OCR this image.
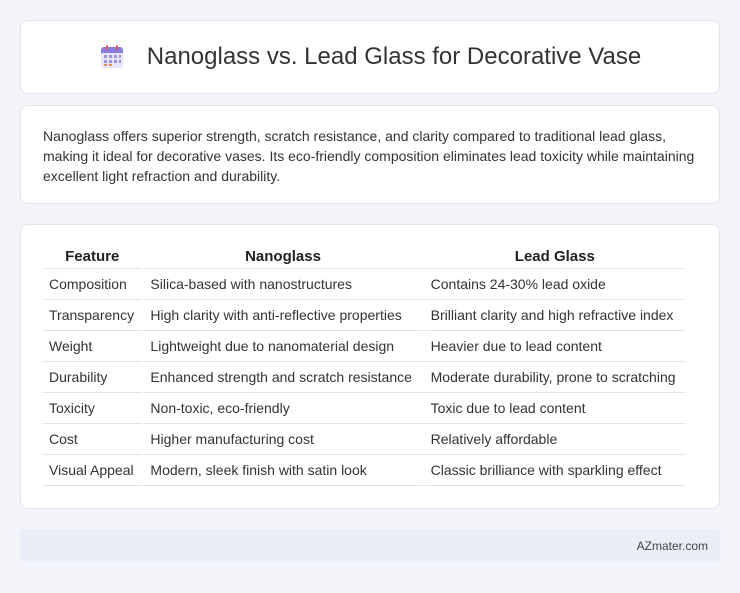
Nanoglass vs. Lead Glass for Decorative Vase

Nanoglass offers superior strength, scratch resistance, and clarity compared to traditional lead glass, making it ideal for decorative vases. Its eco-friendly composition eliminates lead toxicity while maintaining excellent light refraction and durability.

Feature	Nanoglass	Lead Glass
Composition	Silica-based with nanostructures	Contains 24-30% lead oxide
Transparency	High clarity with anti-reflective properties	Brilliant clarity and high refractive index
Weight	Lightweight due to nanomaterial design	Heavier due to lead content
Durability	Enhanced strength and scratch resistance	Moderate durability, prone to scratching
Toxicity	Non-toxic, eco-friendly	Toxic due to lead content
Cost	Higher manufacturing cost	Relatively affordable
Visual Appeal	Modern, sleek finish with satin look	Classic brilliance with sparkling effect
AZmater.com
